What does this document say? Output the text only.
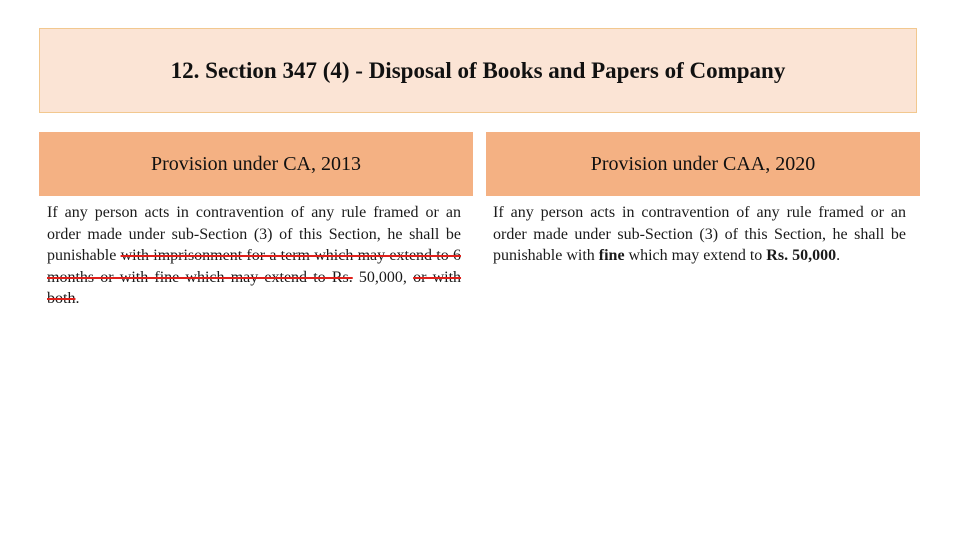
12. Section 347 (4) - Disposal of Books and Papers of Company
Provision under CA, 2013	Provision under CAA, 2020
If any person acts in contravention of any rule framed or an order made under sub-Section (3) of this Section, he shall be punishable with imprisonment for a term which may extend to 6 months or with fine which may extend to Rs. 50,000, or with both.
If any person acts in contravention of any rule framed or an order made under sub-Section (3) of this Section, he shall be punishable with fine which may extend to Rs. 50,000.
